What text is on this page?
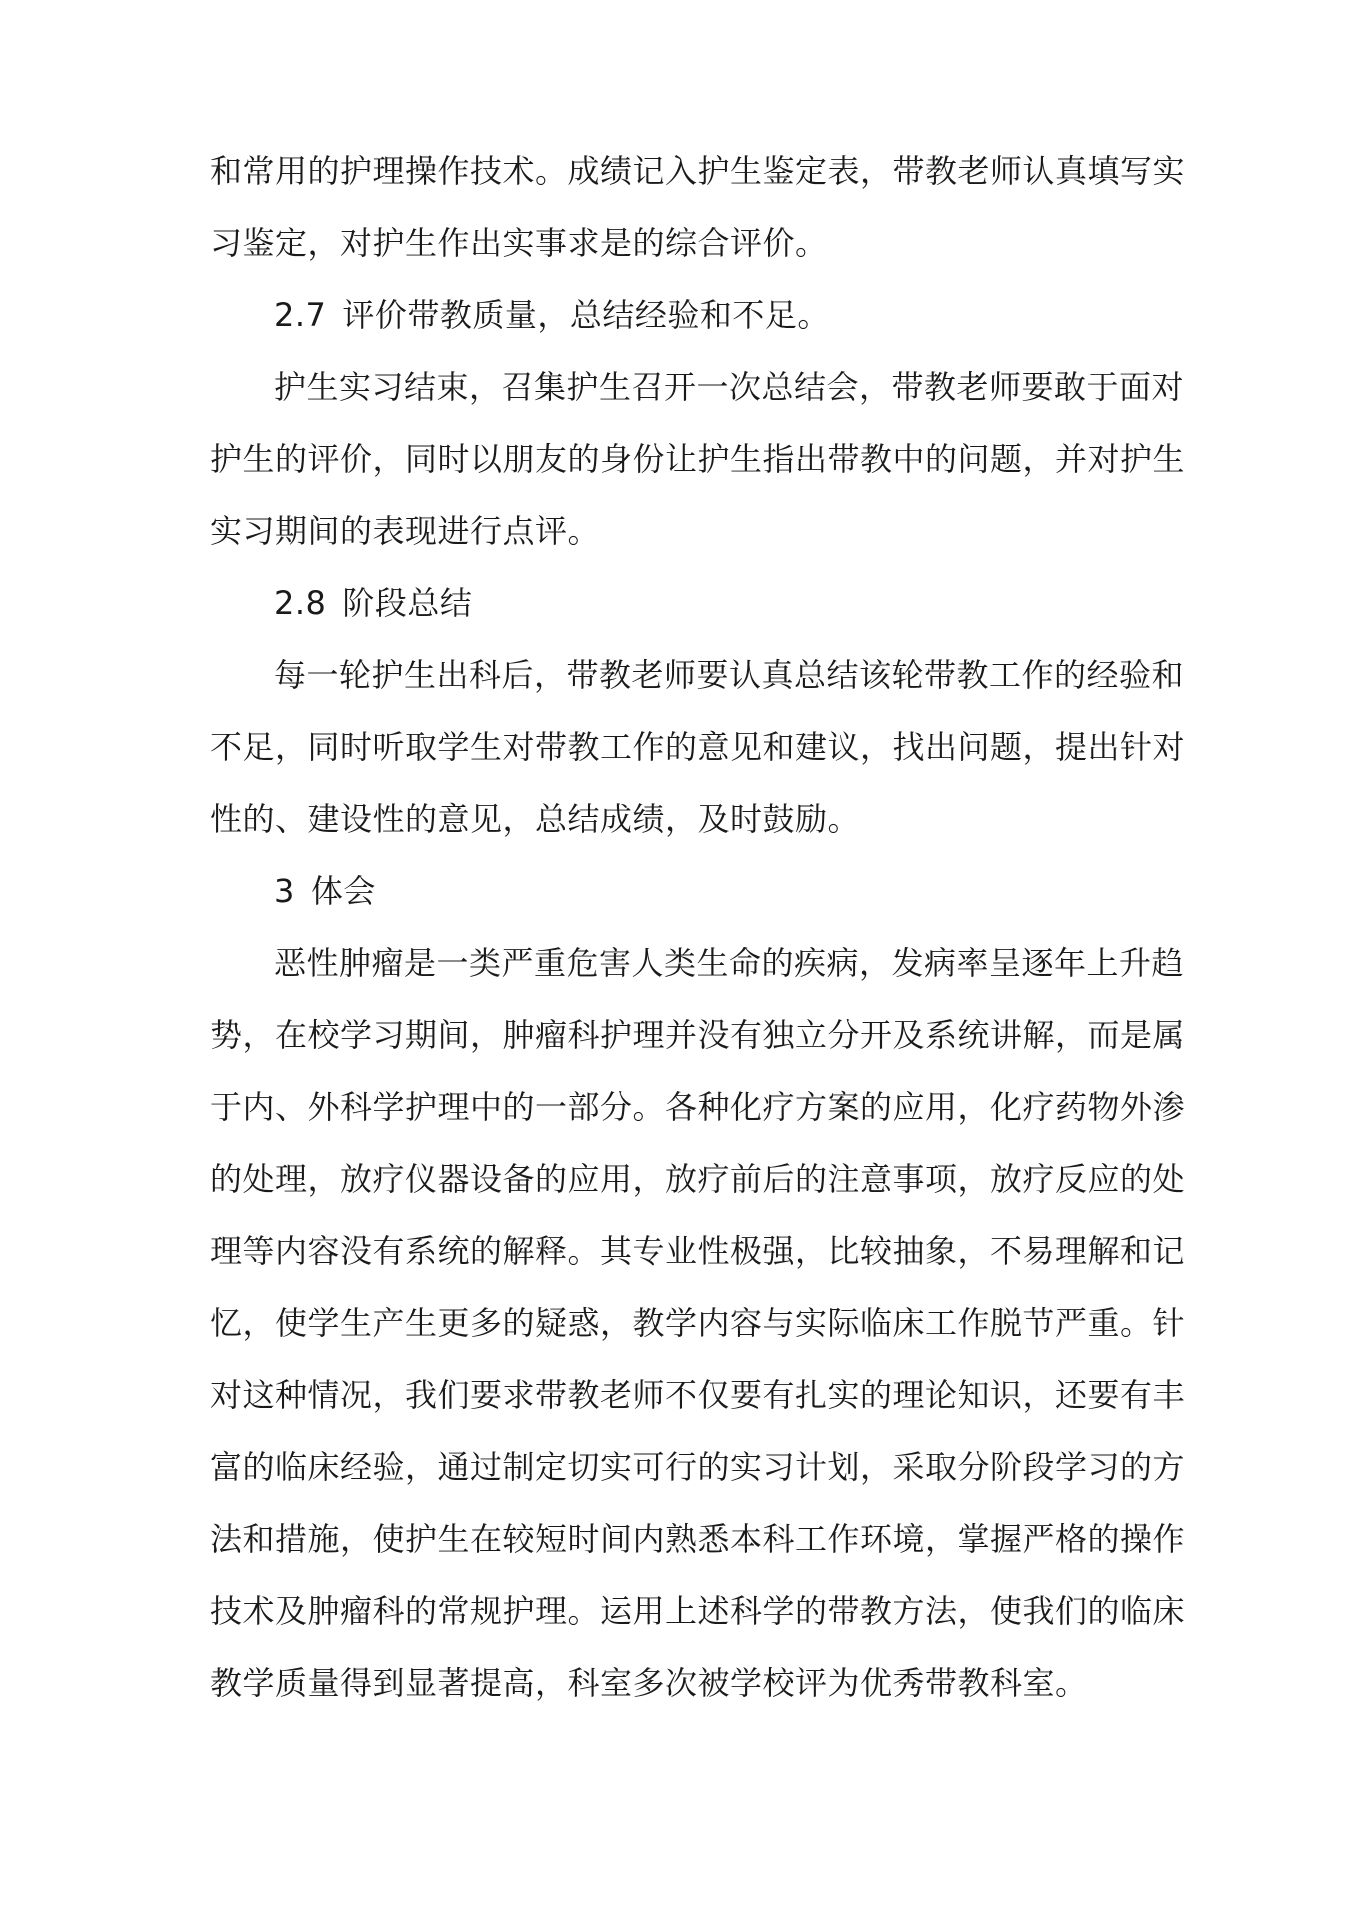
和常用的护理操作技术。成绩记入护生鉴定表，带教老师认真填写实
习鉴定，对护生作出实事求是的综合评价。
2.7 评价带教质量，总结经验和不足。
护生实习结束，召集护生召开一次总结会，带教老师要敢于面对
护生的评价，同时以朋友的身份让护生指出带教中的问题，并对护生
实习期间的表现进行点评。
2.8 阶段总结
每一轮护生出科后，带教老师要认真总结该轮带教工作的经验和
不足，同时听取学生对带教工作的意见和建议，找出问题，提出针对
性的、建设性的意见，总结成绩，及时鼓励。
3 体会
恶性肿瘤是一类严重危害人类生命的疾病，发病率呈逐年上升趋
势，在校学习期间，肿瘤科护理并没有独立分开及系统讲解，而是属
于内、外科学护理中的一部分。各种化疗方案的应用，化疗药物外渗
的处理，放疗仪器设备的应用，放疗前后的注意事项，放疗反应的处
理等内容没有系统的解释。其专业性极强，比较抽象，不易理解和记
忆，使学生产生更多的疑惑，教学内容与实际临床工作脱节严重。针
对这种情况，我们要求带教老师不仅要有扎实的理论知识，还要有丰
富的临床经验，通过制定切实可行的实习计划，采取分阶段学习的方
法和措施，使护生在较短时间内熟悉本科工作环境，掌握严格的操作
技术及肿瘤科的常规护理。运用上述科学的带教方法，使我们的临床
教学质量得到显著提高，科室多次被学校评为优秀带教科室。
